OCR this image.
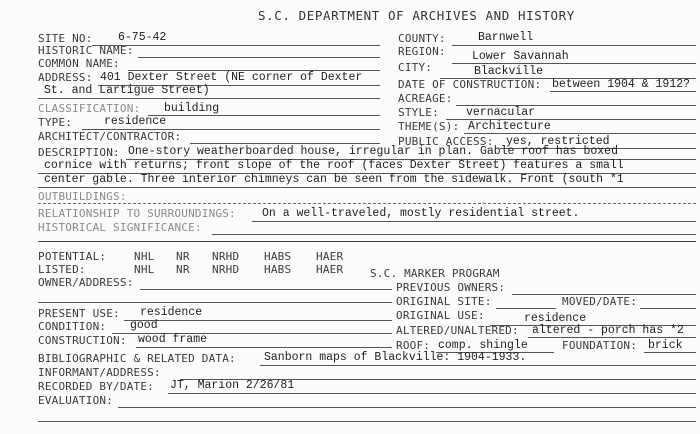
S.C. DEPARTMENT OF ARCHIVES AND HISTORY
SITE NO: 6-75-42	COUNTY:	Barnwell
HISTORIC NAME:	REGION: Lower Savannah
COMMON NAME:	CITY:	Blackville
ADDRESS: 401 Dexter Street (NE corner of Dexter
St. and Lartigue Street)	DATE OF CONSTRUCTION: between 1904 & 1912?
ACREAGE:
CLASSIFICATION: building	STYLE: vernacular
TYPE:	residence	THEME(S): Architecture
ARCHITECT/CONTRACTOR:	PUBLIC ACCESS: yes, restricted
DESCRIPTION: One-story weatherboarded house, irregular in plan. Gable roof has boxed
cornice with returns; front slope of the roof (faces Dexter Street) features a small
center gable. Three interior chimneys can be seen from the sidewalk. Front (south *1
OUTBUILDINGS:
RELATIONSHIP TO SURROUNDINGS: On a well-traveled, mostly residential street.
HISTORICAL SIGNIFICANCE:
POTENTIAL:	NHL NR NRHD HABS HAER
LISTED:	NHL NR NRHD HABS HAER S.C. MARKER PROGRAM
OWNER/ADDRESS:	PREVIOUS OWNERS:
ORIGINAL SITE:	MOVED/DATE:
PRESENT USE: residence	ORIGINAL USE:	residence
CONDITION: good	ALTERED/UNALTERED: altered - porch has *2
CONSTRUCTION: wood frame	ROOF: comp. shingle	FOUNDATION: brick
BIBLIOGRAPHIC & RELATED DATA: Sanborn maps of Blackville: 1904-1933.
INFORMANT/ADDRESS:
RECORDED BY/DATE: JT, Marion 2/26/81
EVALUATION:
